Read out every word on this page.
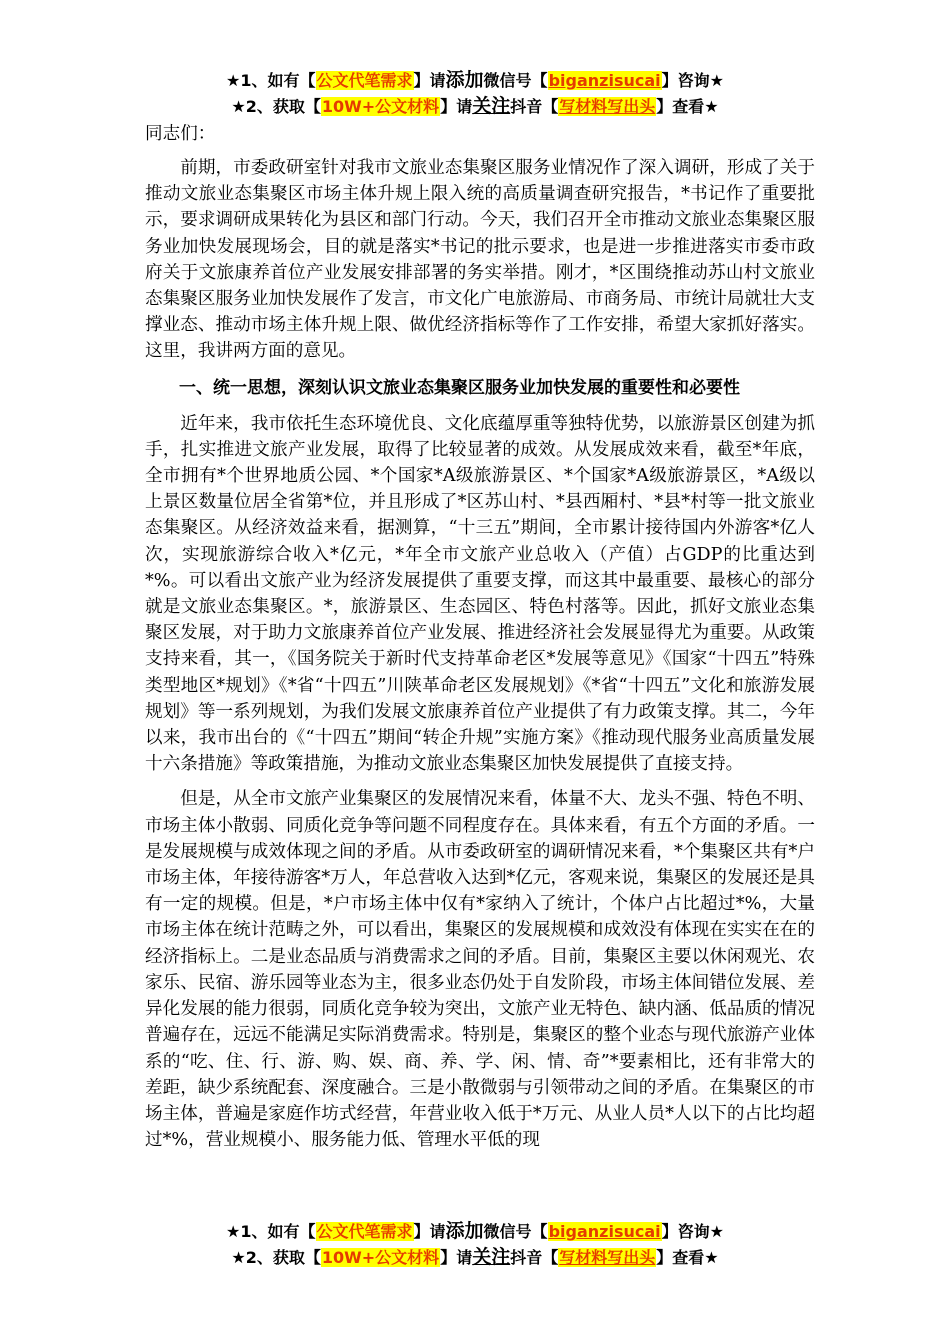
★1、如有【公文代笔需求】请添加微信号【biganzisucai】咨询★
★2、获取【10W+公文材料】请关注抖音【写材料写出头】查看★

同志们：

前期，市委政研室针对我市文旅业态集聚区服务业情况作了深入调研，形成了关于推动文旅业态集聚区市场主体升规上限入统的高质量调查研究报告，*书记作了重要批示，要求调研成果转化为县区和部门行动。今天，我们召开全市推动文旅业态集聚区服务业加快发展现场会，目的就是落实*书记的批示要求，也是进一步推进落实市委市政府关于文旅康养首位产业发展安排部署的务实举措。刚才，*区围绕推动苏山村文旅业态集聚区服务业加快发展作了发言，市文化广电旅游局、市商务局、市统计局就壮大支撑业态、推动市场主体升规上限、做优经济指标等作了工作安排，希望大家抓好落实。这里，我讲两方面的意见。

一、统一思想，深刻认识文旅业态集聚区服务业加快发展的重要性和必要性

近年来，我市依托生态环境优良、文化底蕴厚重等独特优势，以旅游景区创建为抓手，扎实推进文旅产业发展，取得了比较显著的成效。从发展成效来看，截至*年底，全市拥有*个世界地质公园、*个国家*A级旅游景区、*个国家*A级旅游景区，*A级以上景区数量位居全省第*位，并且形成了*区苏山村、*县西厢村、*县*村等一批文旅业态集聚区。从经济效益来看，据测算，“十三五”期间，全市累计接待国内外游客*亿人次，实现旅游综合收入*亿元，*年全市文旅产业总收入（产值）占GDP的比重达到*%。可以看出文旅产业为经济发展提供了重要支撑，而这其中最重要、最核心的部分就是文旅业态集聚区。*，旅游景区、生态园区、特色村落等。因此，抓好文旅业态集聚区发展，对于助力文旅康养首位产业发展、推进经济社会发展显得尤为重要。从政策支持来看，其一，《国务院关于新时代支持革命老区*发展等意见》《国家“十四五”特殊类型地区*规划》《*省“十四五”川陕革命老区发展规划》《*省“十四五”文化和旅游发展规划》等一系列规划，为我们发展文旅康养首位产业提供了有力政策支撑。其二，今年以来，我市出台的《“十四五”期间“转企升规”实施方案》《推动现代服务业高质量发展十六条措施》等政策措施，为推动文旅业态集聚区加快发展提供了直接支持。

但是，从全市文旅产业集聚区的发展情况来看，体量不大、龙头不强、特色不明、市场主体小散弱、同质化竞争等问题不同程度存在。具体来看，有五个方面的矛盾。一是发展规模与成效体现之间的矛盾。从市委政研室的调研情况来看，*个集聚区共有*户市场主体，年接待游客*万人，年总营收入达到*亿元，客观来说，集聚区的发展还是具有一定的规模。但是，*户市场主体中仅有*家纳入了统计，个体户占比超过*%，大量市场主体在统计范畴之外，可以看出，集聚区的发展规模和成效没有体现在实实在在的经济指标上。二是业态品质与消费需求之间的矛盾。目前，集聚区主要以休闲观光、农家乐、民宿、游乐园等业态为主，很多业态仍处于自发阶段，市场主体间错位发展、差异化发展的能力很弱，同质化竞争较为突出，文旅产业无特色、缺内涵、低品质的情况普遍存在，远远不能满足实际消费需求。特别是，集聚区的整个业态与现代旅游产业体系的“吃、住、行、游、购、娱、商、养、学、闲、情、奇”*要素相比，还有非常大的差距，缺少系统配套、深度融合。三是小散微弱与引领带动之间的矛盾。在集聚区的市场主体，普遍是家庭作坊式经营，年营业收入低于*万元、从业人员*人以下的占比均超过*%，营业规模小、服务能力低、管理水平低的现

★1、如有【公文代笔需求】请添加微信号【biganzisucai】咨询★
★2、获取【10W+公文材料】请关注抖音【写材料写出头】查看★
